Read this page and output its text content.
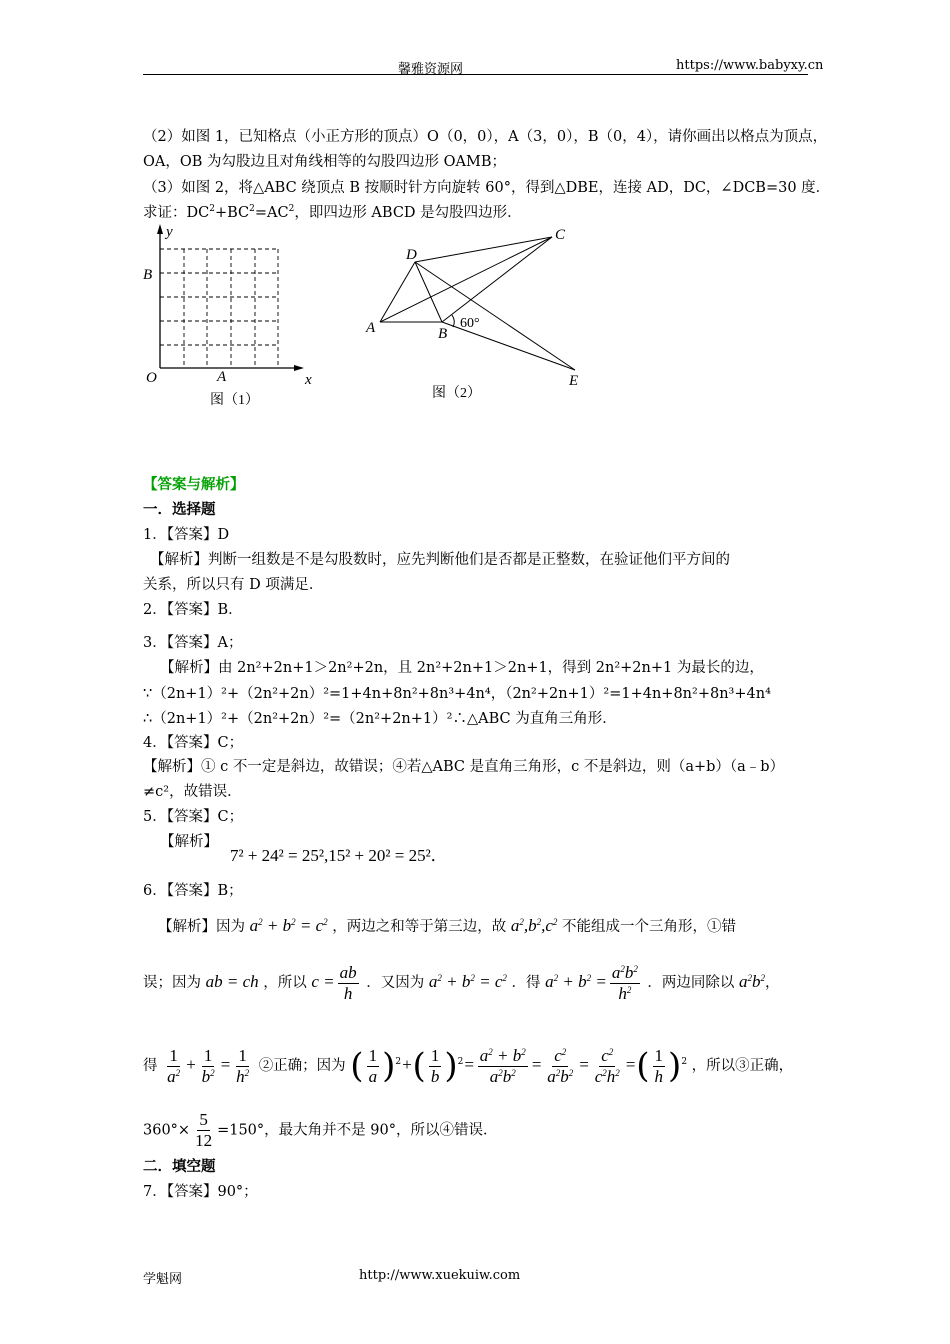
馨雅资源网	https://www.babyxy.cn
（2）如图 1，已知格点（小正方形的顶点）O（0，0），A（3，0），B（0，4），请你画出以格点为顶点，
OA，OB 为勾股边且对角线相等的勾股四边形 OAMB；
（3）如图 2，将△ABC 绕顶点 B 按顺时针方向旋转 60°，得到△DBE，连接 AD，DC，∠DCB=30 度．
求证：$DC^2+BC^2=AC^2$，即四边形 ABCD 是勾股四边形．
y
x
O	A
B
图（1）
A	B
C
D
E
60°
图（2）
【答案与解析】
一．选择题
1．【答案】D
【解析】判断一组数是不是勾股数时，应先判断他们是否都是正整数，在验证他们平方间的
关系，所以只有 D 项满足．
2．【答案】B．
3．【答案】A；
【解析】由 2n²+2n+1＞2n²+2n，且 2n²+2n+1＞2n+1，得到 2n²+2n+1 为最长的边，
∵（2n+1）²+（2n²+2n）²=1+4n+8n²+8n³+4n⁴，（2n²+2n+1）²=1+4n+8n²+8n³+4n⁴
∴（2n+1）²+（2n²+2n）²=（2n²+2n+1）²∴△ABC 为直角三角形．
4．【答案】C；
【解析】① c 不一定是斜边，故错误；④若△ABC 是直角三角形，c 不是斜边，则（a+b）（a﹣b）
≠c²，故错误．
5．【答案】C；
【解析】
7² + 24² = 25²,15² + 20² = 25²．
6．【答案】B；
【解析】因为 $a^2 + b^2 = c^2$ ，两边之和等于第三边，故 $a^2,b^2,c^2$ 不能组成一个三角形，①错
误；因为 ab = ch ，所以 $c = \frac{ab}{h}$ ．又因为 $a^2 + b^2 = c^2$ ．得 $a^2 + b^2 = \frac{a^2b^2}{h^2}$ ．两边同除以 $a^2b^2$，
得 $\frac{1}{a^2} + \frac{1}{b^2} = \frac{1}{h^2}$ ②正确；因为 ( $\frac{1}{a} )^2+( \frac{1}{b} )^2= \frac{a^2 + b^2}{a^2b^2} = \frac{c^2}{a^2b^2} = \frac{c^2}{c^2h^2}$ =( $\frac{1}{h} )^2$ ，所以③正确，
$360^\circ\times \frac{5}{12} =150^\circ$，最大角并不是 90°，所以④错误．
二．填空题
7．【答案】90°；
学魁网	http://www.xuekuiw.com
